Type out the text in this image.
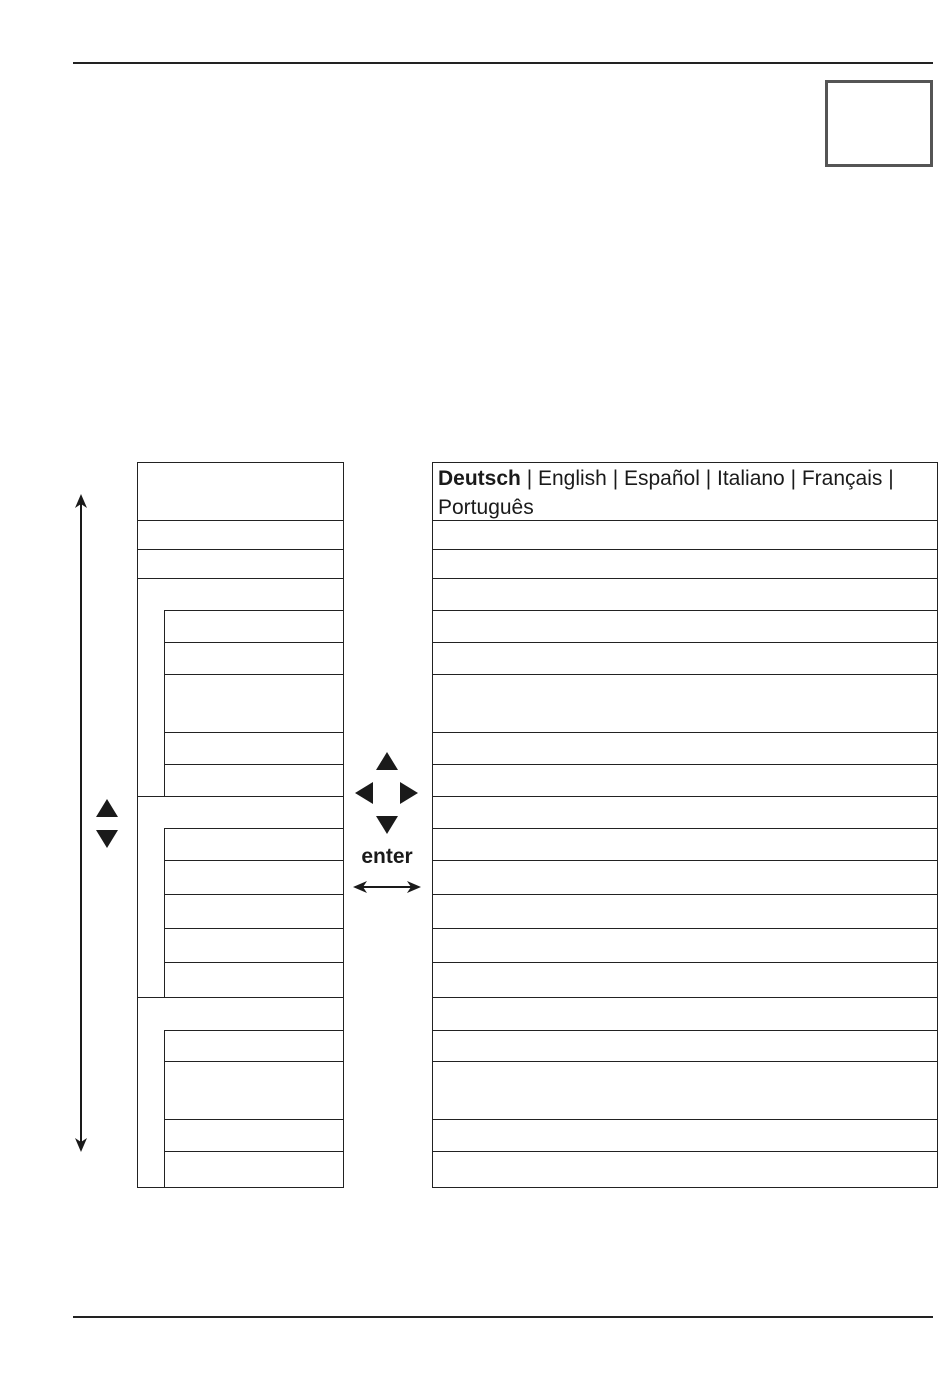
enter
Deutsch | English | Español | Italiano | Français | Português
